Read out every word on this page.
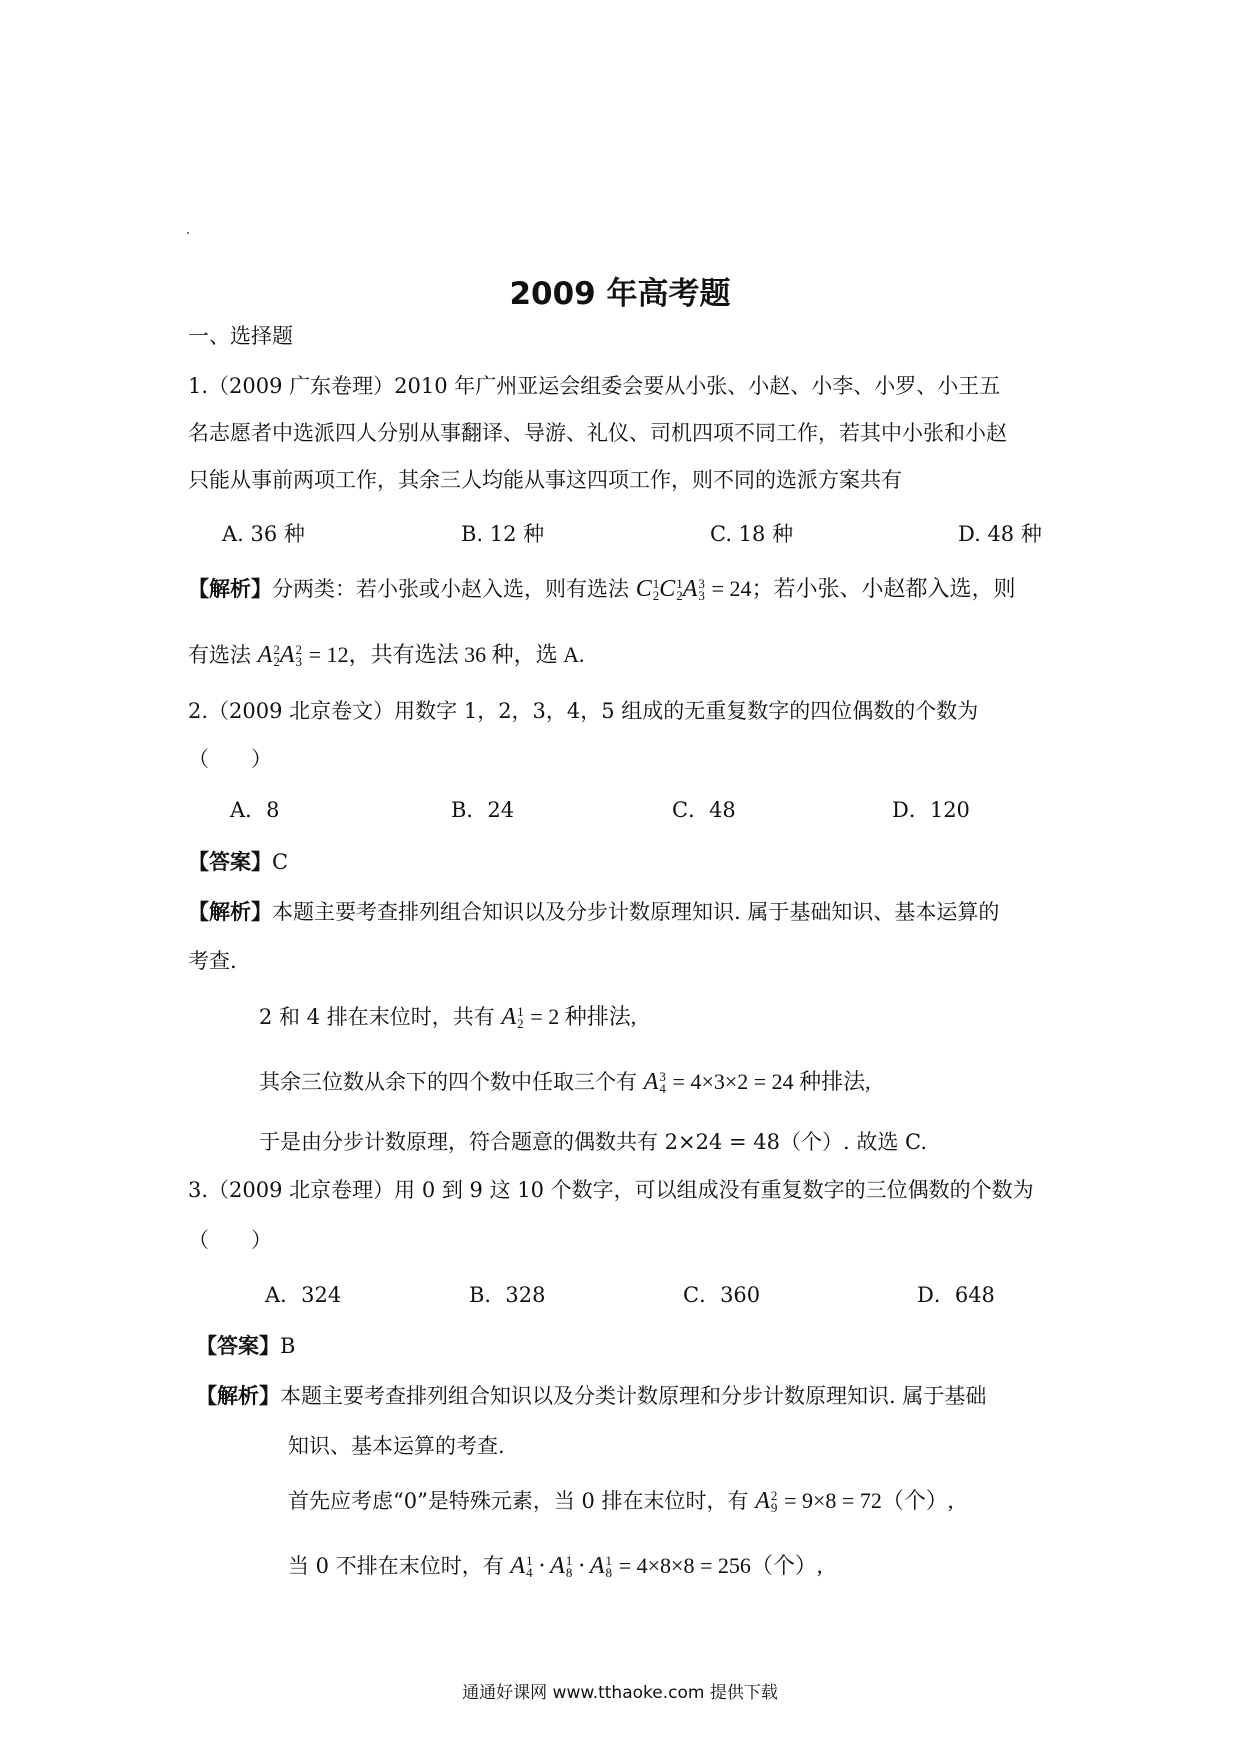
2009 年高考题
一、选择题
1.（2009 广东卷理）2010 年广州亚运会组委会要从小张、小赵、小李、小罗、小王五
名志愿者中选派四人分别从事翻译、导游、礼仪、司机四项不同工作，若其中小张和小赵
只能从事前两项工作，其余三人均能从事这四项工作，则不同的选派方案共有
A. 36 种	B. 12 种	C. 18 种	D. 48 种
【解析】分两类：若小张或小赵入选，则有选法 C 1
2 C 1
2 A 3
3 = 24；若小张、小赵都入选，则
有选法 A 2
2 A 2
3 = 12，共有选法 36 种，选 A.
2.（2009 北京卷文）用数字 1，2，3，4，5 组成的无重复数字的四位偶数的个数为
（　　）
A．8	B．24	C．48	D．120
【答案】C
【解析】本题主要考查排列组合知识以及分步计数原理知识. 属于基础知识、基本运算的
考查.
2 和 4 排在末位时，共有 A 1
2 = 2 种排法,
其余三位数从余下的四个数中任取三个有 A 3
4 = 4×3×2 = 24 种排法,
于是由分步计数原理，符合题意的偶数共有 2×24 = 48（个）. 故选 C.
3.（2009 北京卷理）用 0 到 9 这 10 个数字，可以组成没有重复数字的三位偶数的个数为
（　　）
A．324	B．328	C．360	D．648
【答案】B
【解析】本题主要考查排列组合知识以及分类计数原理和分步计数原理知识. 属于基础
知识、基本运算的考查.
首先应考虑“0”是特殊元素，当 0 排在末位时，有 A 2
9 = 9×8 = 72（个）,
当 0 不排在末位时，有 A 1
4 · A 1
8 · A 1
8 = 4×8×8 = 256（个）,
通通好课网 www.tthaoke.com 提供下载
